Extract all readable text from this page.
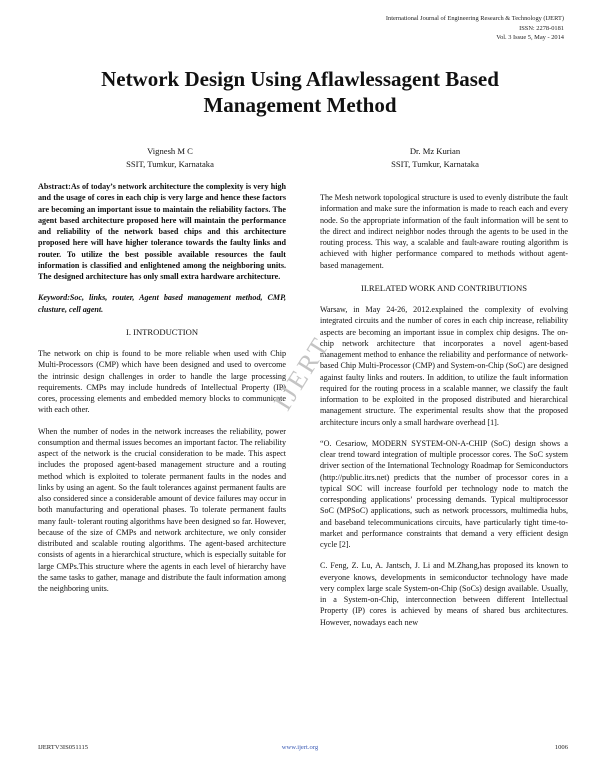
International Journal of Engineering Research & Technology (IJERT)
ISSN: 2278-0181
Vol. 3 Issue 5, May - 2014
Network Design Using Aflawlessagent Based
Management Method
Vignesh M C
SSIT, Tumkur, Karnataka
Dr. Mz Kurian
SSIT, Tumkur, Karnataka

Abstract:As of today’s network architecture the complexity is very high and the usage of cores in each chip is very large and hence these factors are becoming an important issue to maintain the reliability factors. The agent based architecture proposed here will maintain the performance and reliability of the network based chips and this architecture proposed here will have higher tolerance towards the faulty links and router. To utilize the best possible available resources the fault information is classified and enlightened among the neighboring units. The designed architecture has only small extra hardware architecture.

Keyword:Soc, links, router, Agent based management method, CMP, clusture, cell agent.

I. INTRODUCTION

The network on chip is found to be more reliable when used with Chip Multi-Processors (CMP) which have been designed and used to overcome the intrinsic design challenges in order to handle the large processing requirements. CMPs may include hundreds of Intellectual Property (IP) cores, processing elements and embedded memory blocks to communicate with each other.

When the number of nodes in the network increases the reliability, power consumption and thermal issues becomes an important factor. The reliability aspect of the network is the crucial consideration to be made. This aspect includes the proposed agent-based management structure and a routing method which is exploited to tolerate permanent faults in the nodes and links by using an agent. So the fault tolerances against permanent faults are also considered since a considerable amount of device failures may occur in both manufacturing and operational phases. To tolerate permanent faults many fault- tolerant routing algorithms have been designed so far. However, because of the size of CMPs and network architecture, we only consider distributed and scalable routing algorithms. The agent-based architecture consists of agents in a hierarchical structure, which is especially suitable for large CMPs.This structure where the agents in each level of hierarchy have the same tasks to gather, manage and distribute the fault information among the neighboring units.

The Mesh network topological structure is used to evenly distribute the fault information and make sure the information is made to reach each and every node. So the appropriate information of the fault information will be sent to the direct and indirect neighbor nodes through the agents to be used in the routing process. This way, a scalable and fault-aware routing algorithm is achieved with higher performance compared to methods without agent-based management.

II.RELATED WORK AND CONTRIBUTIONS

Warsaw, in May 24-26, 2012.explained the complexity of evolving integrated circuits and the number of cores in each chip increase, reliability aspects are becoming an important issue in complex chip designs. The on-chip network architecture that incorporates a novel agent-based management method to enhance the reliability and performance of network-based Chip Multi-Processor (CMP) and System-on-Chip (SoC) are designed against faulty links and routers. In addition, to utilize the fault information required for the routing process in a scalable manner, we classify the fault information to be exploited in the proposed distributed and hierarchical management structure. The experimental results show that the proposed architecture incurs only a small hardware overhead [1].

“O. Cesariow, MODERN SYSTEM-ON-A-CHIP (SoC) design shows a clear trend toward integration of multiple processor cores. The SoC system driver section of the International Technology Roadmap for Semiconductors (http://public.itrs.net) predicts that the number of processor cores in a typical SOC will increase fourfold per technology node to match the corresponding applications’ processing demands. Typical multiprocessor SoC (MPSoC) applications, such as network processors, multimedia hubs, and baseband telecommunications circuits, have particularly tight time-to-market and performance constraints that demand a very efficient design cycle [2].

C. Feng, Z. Lu, A. Jantsch, J. Li and M.Zhang,has proposed its known to everyone knows, developments in semiconductor technology have made very complex large scale System-on-Chip (SoCs) design available. Usually, in a System-on-Chip, interconnection between different Intellectual Property (IP) cores is achieved by means of shared bus architectures. However, nowadays each new

IJERT
IJERTV3IS051115	www.ijert.org	1006
